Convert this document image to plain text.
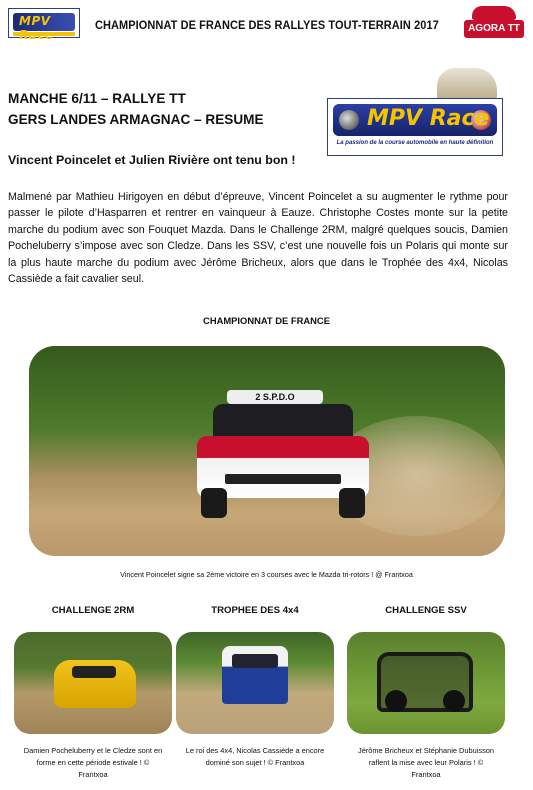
MPV	CHAMPIONNAT DE FRANCE DES RALLYES TOUT-TERRAIN 2017	AGORA TT
MANCHE 6/11 – RALLYE TT
GERS LANDES ARMAGNAC – RESUME	MPV Race
La passion de la course automobile en haute définition
Vincent Poincelet et Julien Rivière ont tenu bon !
Malmené par Mathieu Hirigoyen en début d’épreuve, Vincent Poincelet a su augmenter le rythme pour passer le pilote d’Hasparren et rentrer en vainqueur à Eauze. Christophe Costes monte sur la petite marche du podium avec son Fouquet Mazda. Dans le Challenge 2RM, malgré quelques soucis, Damien Pocheluberry s’impose avec son Cledze. Dans les SSV, c’est une nouvelle fois un Polaris qui monte sur la plus haute marche du podium avec Jérôme Bricheux, alors que dans le Trophée des 4x4, Nicolas Cassiède a fait cavalier seul.
CHAMPIONNAT DE FRANCE
2 S.P.D.O
Vincent Poincelet signe sa 2ème victoire en 3 courses avec le Mazda tri-rotors ! @ Frantxoa
CHALLENGE 2RM	TROPHEE DES 4x4	CHALLENGE SSV
Damien Pocheluberry et le Cledze sont en forme en cette période estivale ! © Frantxoa
Le roi des 4x4, Nicolas Cassiède a encore dominé son sujet ! © Frantxoa
Jérôme Bricheux et Stéphanie Dubuisson raflent la mise avec leur Polaris ! © Frantxoa
